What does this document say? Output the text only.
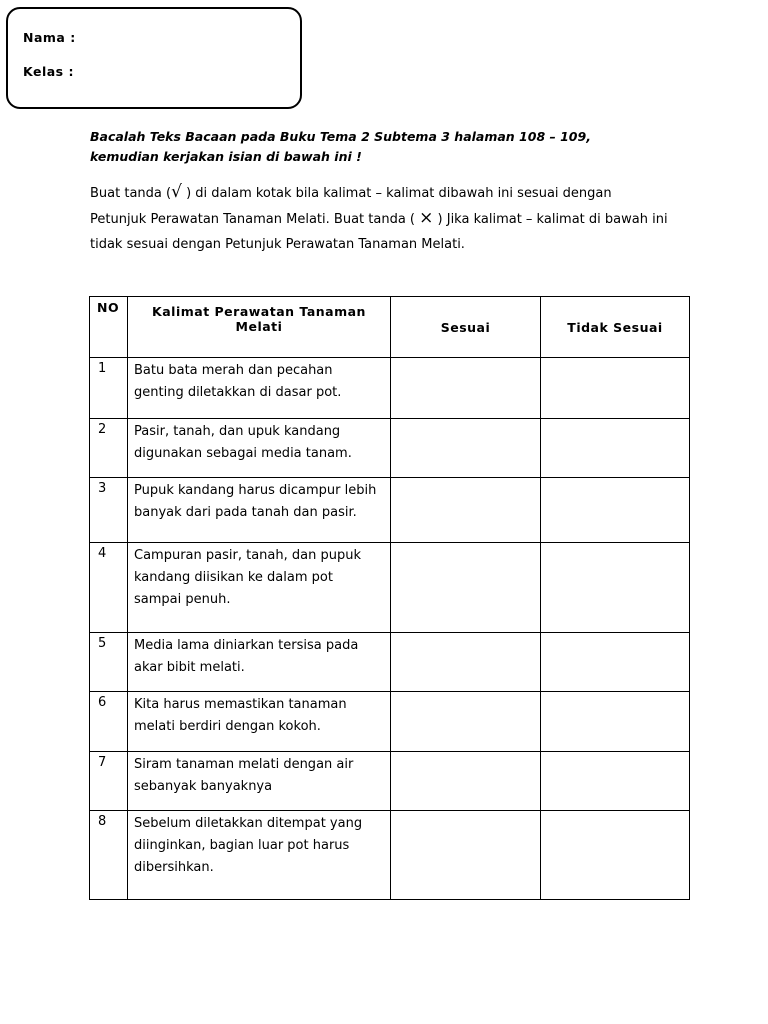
Nama :
Kelas :
Bacalah Teks Bacaan pada Buku Tema 2 Subtema 3 halaman 108 – 109, kemudian kerjakan isian di bawah ini !
Buat tanda (√ ) di dalam kotak bila kalimat – kalimat dibawah ini sesuai dengan Petunjuk Perawatan Tanaman Melati. Buat tanda ( × ) Jika kalimat – kalimat di bawah ini tidak sesuai dengan Petunjuk Perawatan Tanaman Melati.
NO	Kalimat Perawatan Tanaman Melati	Sesuai	Tidak Sesuai
1	Batu bata merah dan pecahan genting diletakkan di dasar pot.		
2	Pasir, tanah, dan upuk kandang digunakan sebagai media tanam.		
3	Pupuk kandang harus dicampur lebih banyak dari pada tanah dan pasir.		
4	Campuran pasir, tanah, dan pupuk kandang diisikan ke dalam pot sampai penuh.		
5	Media lama diniarkan tersisa pada akar bibit melati.		
6	Kita harus memastikan tanaman melati berdiri dengan kokoh.		
7	Siram tanaman melati dengan air sebanyak banyaknya		
8	Sebelum diletakkan ditempat yang diinginkan, bagian luar pot harus dibersihkan.		
